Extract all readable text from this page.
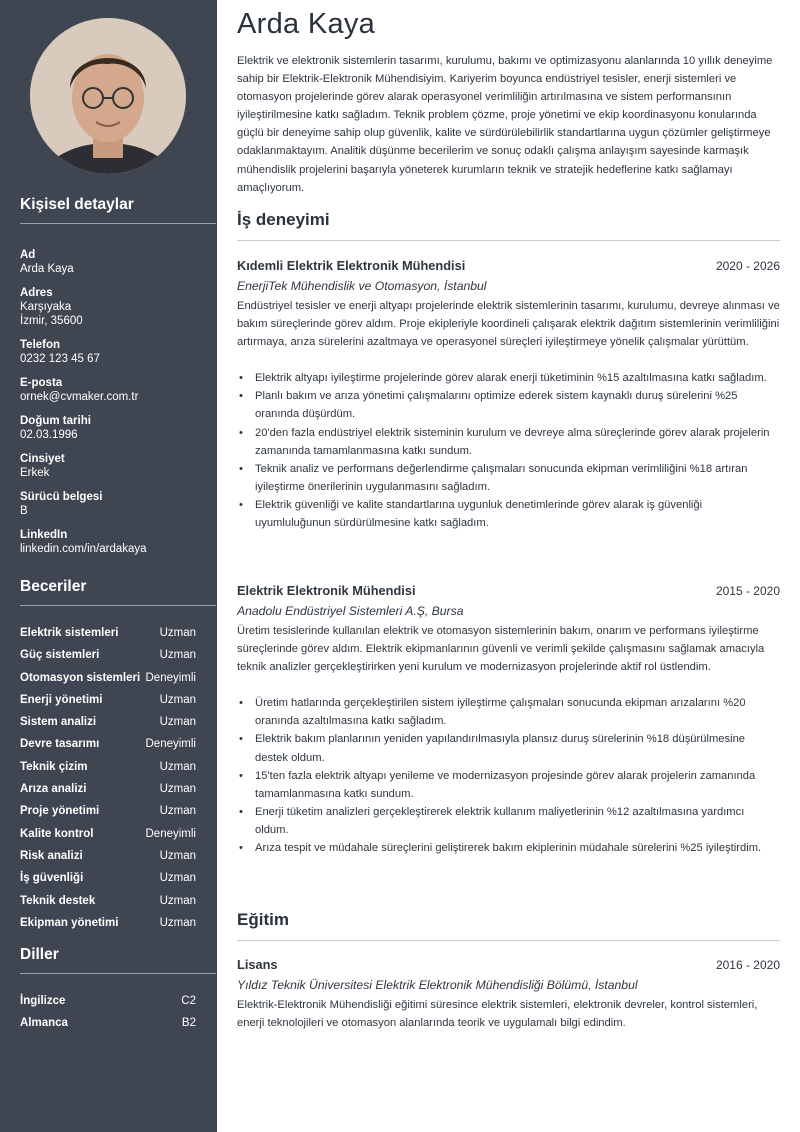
Kişisel detaylar
Ad
Arda Kaya
Adres
Karşıyaka
İzmir, 35600
Telefon
0232 123 45 67
E-posta
ornek@cvmaker.com.tr
Doğum tarihi
02.03.1996
Cinsiyet
Erkek
Sürücü belgesi
B
LinkedIn
linkedin.com/in/ardakaya
Beceriler
Elektrik sistemleri	Uzman
Güç sistemleri	Uzman
Otomasyon sistemleri Deneyimli
Enerji yönetimi	Uzman
Sistem analizi	Uzman
Devre tasarımı	Deneyimli
Teknik çizim	Uzman
Arıza analizi	Uzman
Proje yönetimi	Uzman
Kalite kontrol	Deneyimli
Risk analizi	Uzman
İş güvenliği	Uzman
Teknik destek	Uzman
Ekipman yönetimi	Uzman
Diller
İngilizce	C2
Almanca	B2
Arda Kaya

Elektrik ve elektronik sistemlerin tasarımı, kurulumu, bakımı ve optimizasyonu alanlarında 10 yıllık deneyime sahip bir Elektrik-Elektronik Mühendisiyim. Kariyerim boyunca endüstriyel tesisler, enerji sistemleri ve otomasyon projelerinde görev alarak operasyonel verimliliğin artırılmasına ve sistem performansının iyileştirilmesine katkı sağladım. Teknik problem çözme, proje yönetimi ve ekip koordinasyonu konularında güçlü bir deneyime sahip olup güvenlik, kalite ve sürdürülebilirlik standartlarına uygun çözümler geliştirmeye odaklanmaktayım. Analitik düşünme becerilerim ve sonuç odaklı çalışma anlayışım sayesinde karmaşık mühendislik projelerini başarıyla yöneterek kurumların teknik ve stratejik hedeflerine katkı sağlamayı amaçlıyorum.

İş deneyimi
Kıdemli Elektrik Elektronik Mühendisi	2020 - 2026
EnerjiTek Mühendislik ve Otomasyon, İstanbul
Endüstriyel tesisler ve enerji altyapı projelerinde elektrik sistemlerinin tasarımı, kurulumu, devreye alınması ve bakım süreçlerinde görev aldım. Proje ekipleriyle koordineli çalışarak elektrik dağıtım sistemlerinin verimliliğini artırmaya, arıza sürelerini azaltmaya ve operasyonel süreçleri iyileştirmeye yönelik çalışmalar yürüttüm.
• Elektrik altyapı iyileştirme projelerinde görev alarak enerji tüketiminin %15 azaltılmasına katkı sağladım.
• Planlı bakım ve arıza yönetimi çalışmalarını optimize ederek sistem kaynaklı duruş sürelerini %25 oranında düşürdüm.
• 20'den fazla endüstriyel elektrik sisteminin kurulum ve devreye alma süreçlerinde görev alarak projelerin zamanında tamamlanmasına katkı sundum.
• Teknik analiz ve performans değerlendirme çalışmaları sonucunda ekipman verimliliğini %18 artıran iyileştirme önerilerinin uygulanmasını sağladım.
• Elektrik güvenliği ve kalite standartlarına uygunluk denetimlerinde görev alarak iş güvenliği uyumluluğunun sürdürülmesine katkı sağladım.
Elektrik Elektronik Mühendisi	2015 - 2020
Anadolu Endüstriyel Sistemleri A.Ş, Bursa
Üretim tesislerinde kullanılan elektrik ve otomasyon sistemlerinin bakım, onarım ve performans iyileştirme süreçlerinde görev aldım. Elektrik ekipmanlarının güvenli ve verimli şekilde çalışmasını sağlamak amacıyla teknik analizler gerçekleştirirken yeni kurulum ve modernizasyon projelerinde aktif rol üstlendim.
• Üretim hatlarında gerçekleştirilen sistem iyileştirme çalışmaları sonucunda ekipman arızalarını %20 oranında azaltılmasına katkı sağladım.
• Elektrik bakım planlarının yeniden yapılandırılmasıyla plansız duruş sürelerinin %18 düşürülmesine destek oldum.
• 15'ten fazla elektrik altyapı yenileme ve modernizasyon projesinde görev alarak projelerin zamanında tamamlanmasına katkı sundum.
• Enerji tüketim analizleri gerçekleştirerek elektrik kullanım maliyetlerinin %12 azaltılmasına yardımcı oldum.
• Arıza tespit ve müdahale süreçlerini geliştirerek bakım ekiplerinin müdahale sürelerini %25 iyileştirdim.
Eğitim
Lisans	2016 - 2020
Yıldız Teknik Üniversitesi Elektrik Elektronik Mühendisliği Bölümü, İstanbul
Elektrik-Elektronik Mühendisliği eğitimi süresince elektrik sistemleri, elektronik devreler, kontrol sistemleri, enerji teknolojileri ve otomasyon alanlarında teorik ve uygulamalı bilgi edindim.
